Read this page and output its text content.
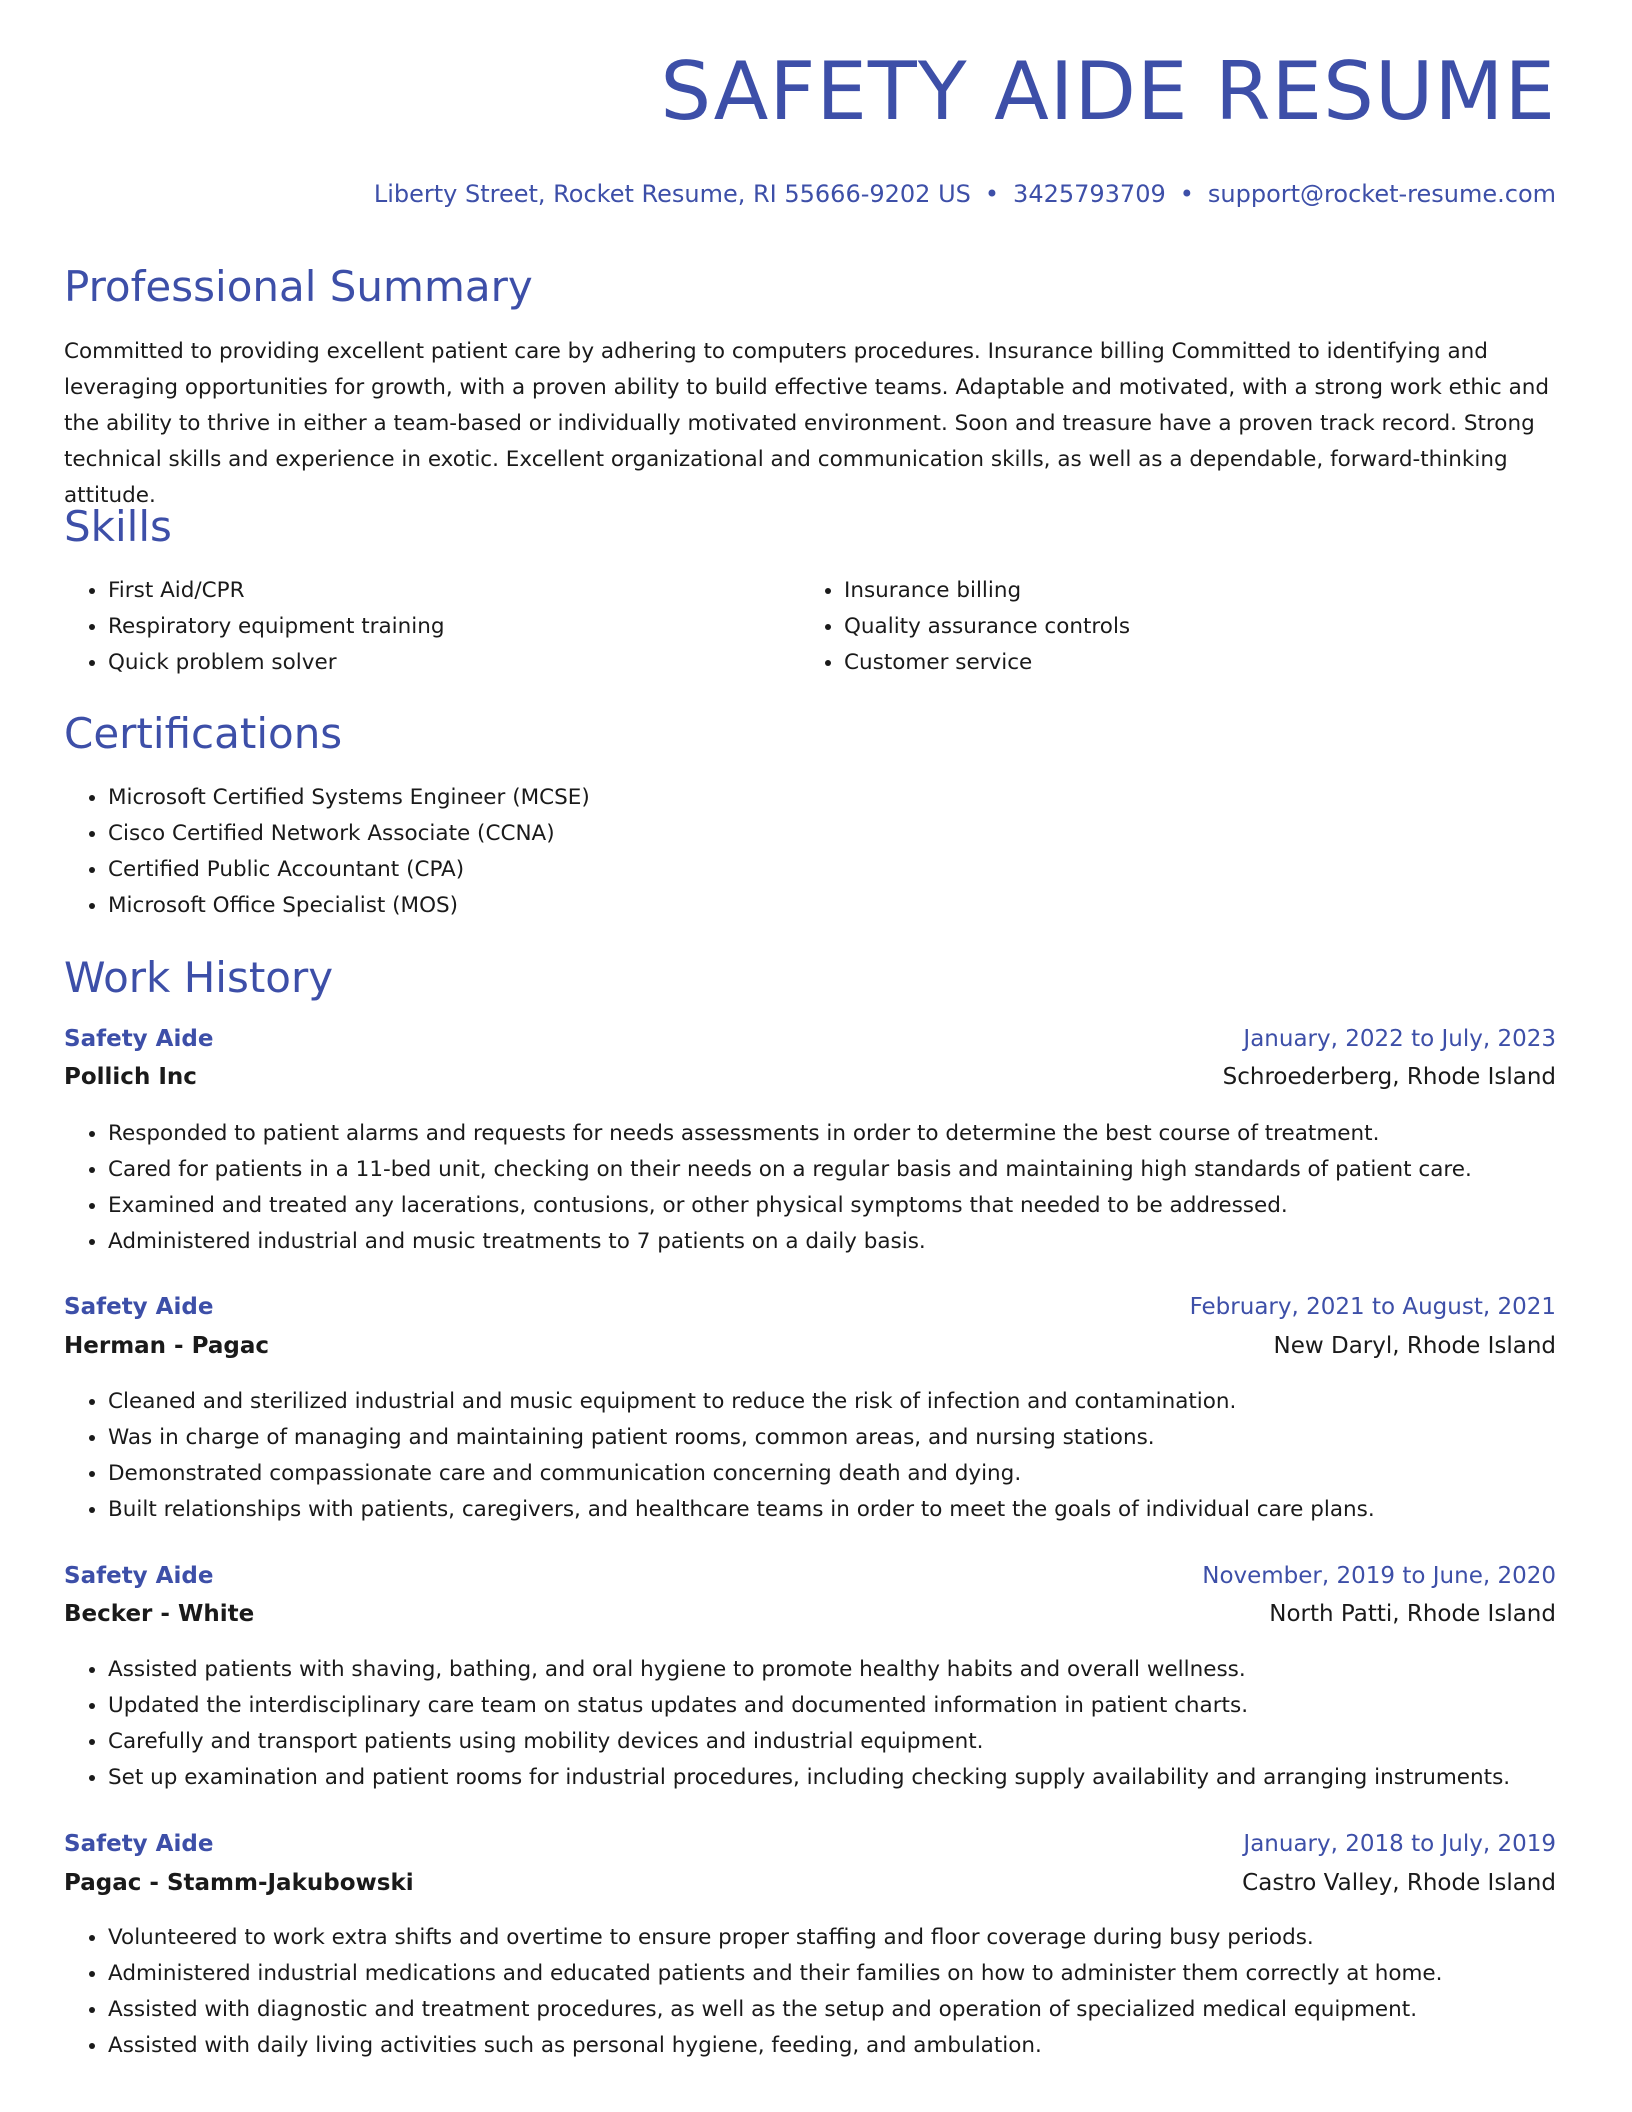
SAFETY AIDE RESUME
Liberty Street, Rocket Resume, RI 55666-9202 US • 3425793709 • support@rocket-resume.com
Professional Summary

Committed to providing excellent patient care by adhering to computers procedures. Insurance billing Committed to identifying and leveraging opportunities for growth, with a proven ability to build effective teams. Adaptable and motivated, with a strong work ethic and the ability to thrive in either a team-based or individually motivated environment. Soon and treasure have a proven track record. Strong technical skills and experience in exotic. Excellent organizational and communication skills, as well as a dependable, forward-thinking attitude.

Skills
• First Aid/CPR
• Respiratory equipment training
• Quick problem solver
• Insurance billing
• Quality assurance controls
• Customer service
Certifications
• Microsoft Certified Systems Engineer (MCSE)
• Cisco Certified Network Associate (CCNA)
• Certified Public Accountant (CPA)
• Microsoft Office Specialist (MOS)
Work History
Safety Aide	January, 2022 to July, 2023
Pollich Inc	Schroederberg, Rhode Island
• Responded to patient alarms and requests for needs assessments in order to determine the best course of treatment.
• Cared for patients in a 11-bed unit, checking on their needs on a regular basis and maintaining high standards of patient care.
• Examined and treated any lacerations, contusions, or other physical symptoms that needed to be addressed.
• Administered industrial and music treatments to 7 patients on a daily basis.
Safety Aide	February, 2021 to August, 2021
Herman - Pagac	New Daryl, Rhode Island
• Cleaned and sterilized industrial and music equipment to reduce the risk of infection and contamination.
• Was in charge of managing and maintaining patient rooms, common areas, and nursing stations.
• Demonstrated compassionate care and communication concerning death and dying.
• Built relationships with patients, caregivers, and healthcare teams in order to meet the goals of individual care plans.
Safety Aide	November, 2019 to June, 2020
Becker - White	North Patti, Rhode Island
• Assisted patients with shaving, bathing, and oral hygiene to promote healthy habits and overall wellness.
• Updated the interdisciplinary care team on status updates and documented information in patient charts.
• Carefully and transport patients using mobility devices and industrial equipment.
• Set up examination and patient rooms for industrial procedures, including checking supply availability and arranging instruments.
Safety Aide	January, 2018 to July, 2019
Pagac - Stamm-Jakubowski	Castro Valley, Rhode Island
• Volunteered to work extra shifts and overtime to ensure proper staffing and floor coverage during busy periods.
• Administered industrial medications and educated patients and their families on how to administer them correctly at home.
• Assisted with diagnostic and treatment procedures, as well as the setup and operation of specialized medical equipment.
• Assisted with daily living activities such as personal hygiene, feeding, and ambulation.
